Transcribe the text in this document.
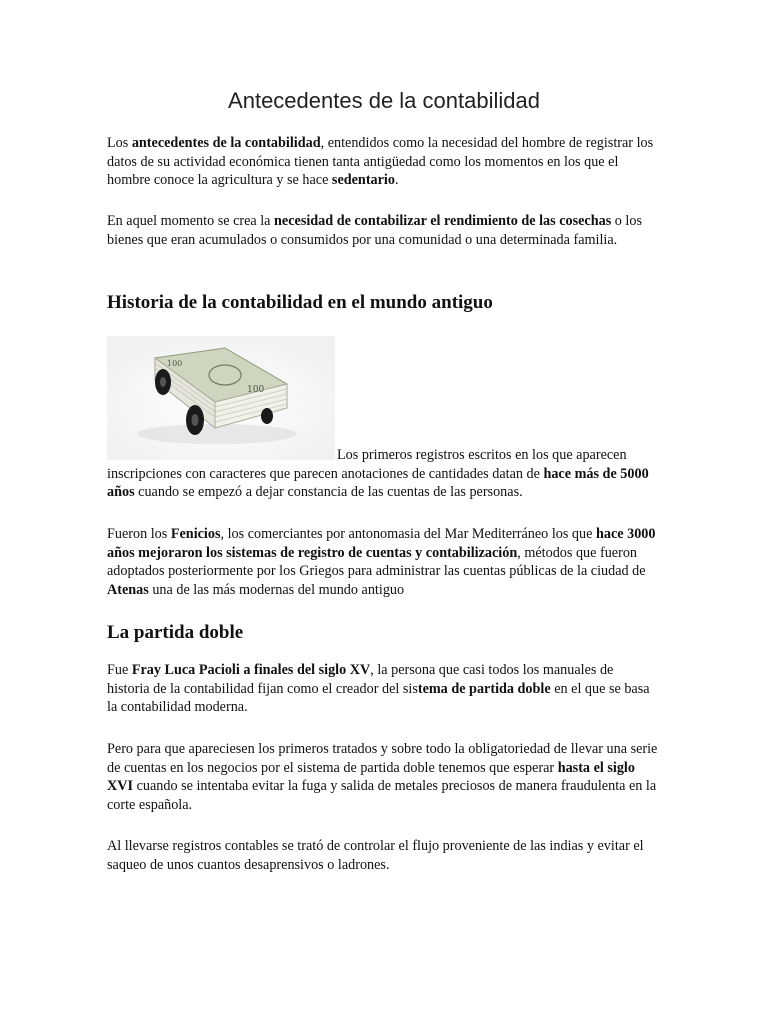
Antecedentes de la contabilidad

Los antecedentes de la contabilidad, entendidos como la necesidad del hombre de registrar los datos de su actividad económica tienen tanta antigüedad como los momentos en los que el hombre conoce la agricultura y se hace sedentario.

En aquel momento se crea la necesidad de contabilizar el rendimiento de las cosechas o los bienes que eran acumulados o consumidos por una comunidad o una determinada familia.

Historia de la contabilidad en el mundo antiguo
100
100

Los primeros registros escritos en los que aparecen inscripciones con caracteres que parecen anotaciones de cantidades datan de hace más de 5000 años cuando se empezó a dejar constancia de las cuentas de las personas.

Fueron los Fenicios, los comerciantes por antonomasia del Mar Mediterráneo los que hace 3000 años mejoraron los sistemas de registro de cuentas y contabilización, métodos que fueron adoptados posteriormente por los Griegos para administrar las cuentas públicas de la ciudad de Atenas una de las más modernas del mundo antiguo

La partida doble

Fue Fray Luca Pacioli a finales del siglo XV, la persona que casi todos los manuales de historia de la contabilidad fijan como el creador del sistema de partida doble en el que se basa la contabilidad moderna.

Pero para que apareciesen los primeros tratados y sobre todo la obligatoriedad de llevar una serie de cuentas en los negocios por el sistema de partida doble tenemos que esperar hasta el siglo XVI cuando se intentaba evitar la fuga y salida de metales preciosos de manera fraudulenta en la corte española.

Al llevarse registros contables se trató de controlar el flujo proveniente de las indias y evitar el saqueo de unos cuantos desaprensivos o ladrones.
